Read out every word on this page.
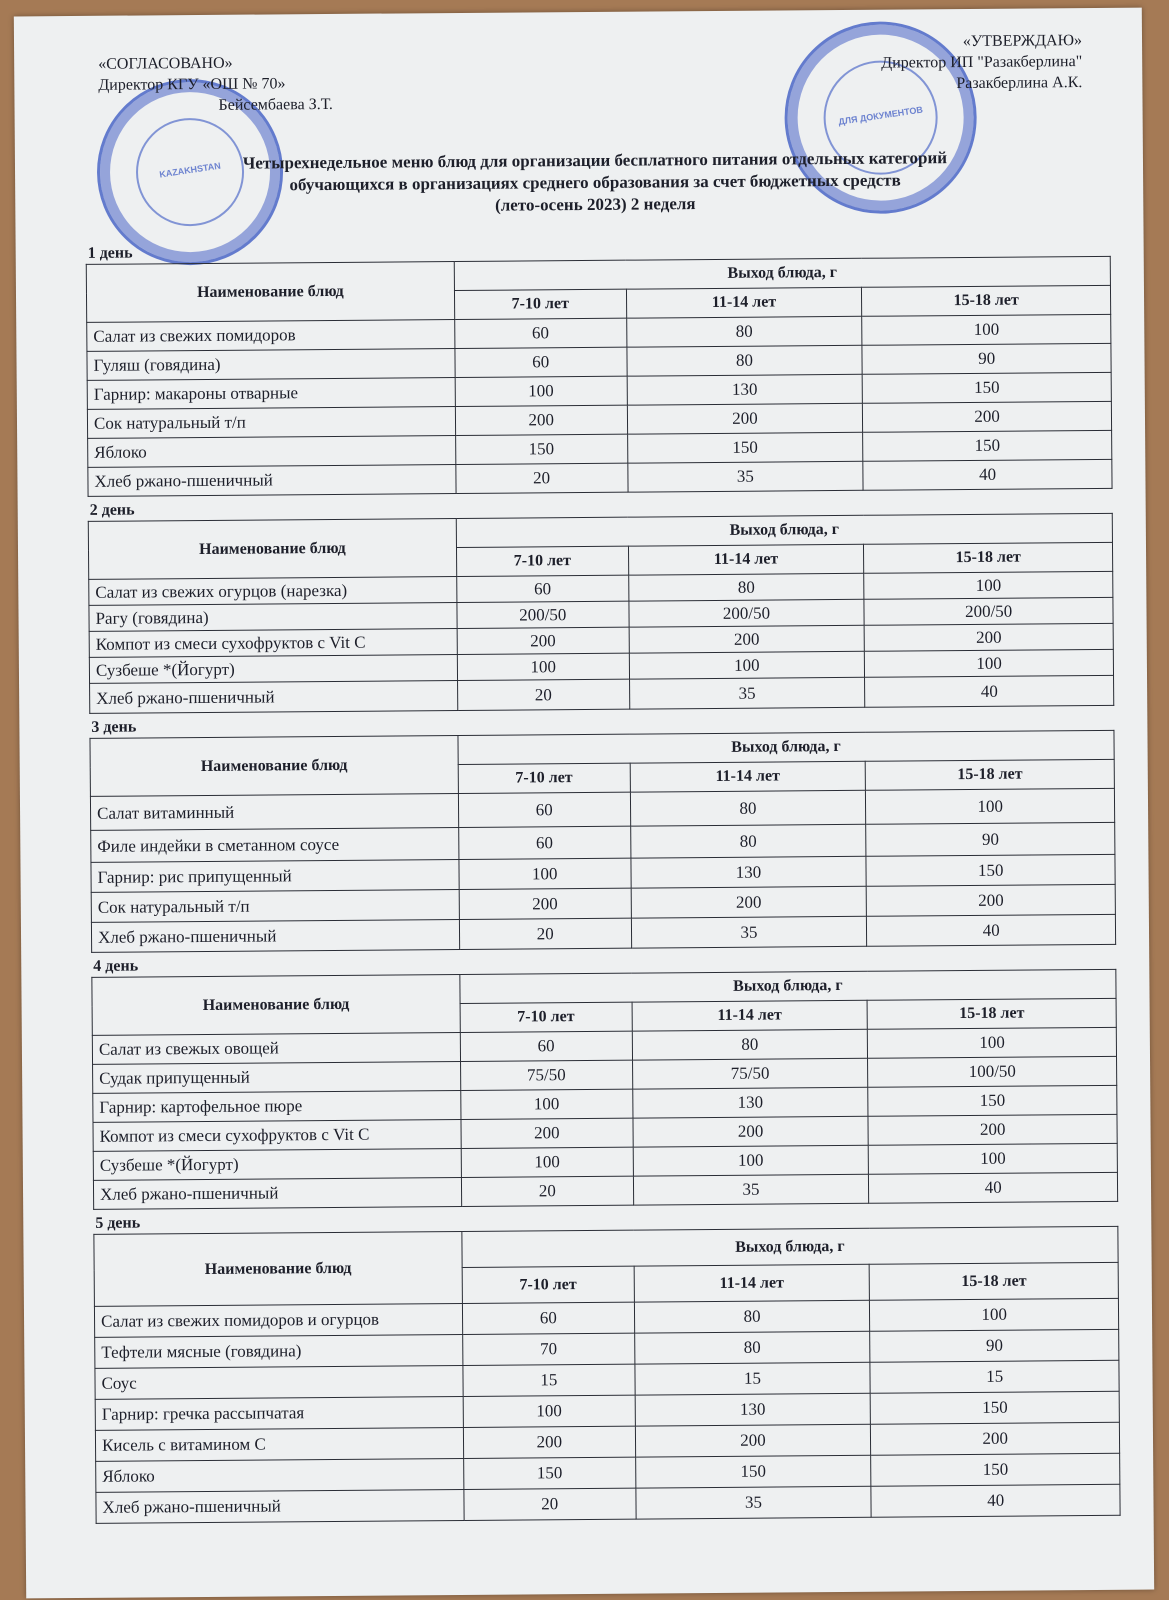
KAZAKHSTAN
ДЛЯ ДОКУМЕНТОВ
«СОГЛАСОВАНО»
Директор КГУ «ОШ № 70»
Бейсембаева З.Т.
«УТВЕРЖДАЮ»
Директор ИП "Разакберлина"
Разакберлина А.К.
Четырехнедельное меню блюд для организации бесплатного питания отдельных категорий
обучающихся в организациях среднего образования за счет бюджетных средств
(лето-осень 2023) 2 неделя
1 день
Наименование блюд	Выход блюда, г		
	7-10 лет	11-14 лет	15-18 лет
Салат из свежих помидоров	60	80	100
Гуляш (говядина)	60	80	90
Гарнир: макароны отварные	100	130	150
Сок натуральный т/п	200	200	200
Яблоко	150	150	150
Хлеб ржано-пшеничный	20	35	40
2 день
Наименование блюд	Выход блюда, г		
	7-10 лет	11-14 лет	15-18 лет
Салат из свежих огурцов (нарезка)	60	80	100
Рагу (говядина)	200/50	200/50	200/50
Компот из смеси сухофруктов с Vit C	200	200	200
Сузбеше *(Йогурт)	100	100	100
Хлеб ржано-пшеничный	20	35	40
3 день
Наименование блюд	Выход блюда, г		
	7-10 лет	11-14 лет	15-18 лет
Салат витаминный	60	80	100
Филе индейки в сметанном соусе	60	80	90
Гарнир: рис припущенный	100	130	150
Сок натуральный т/п	200	200	200
Хлеб ржано-пшеничный	20	35	40
4 день
Наименование блюд	Выход блюда, г		
	7-10 лет	11-14 лет	15-18 лет
Салат из свежых овощей	60	80	100
Судак припущенный	75/50	75/50	100/50
Гарнир: картофельное пюре	100	130	150
Компот из смеси сухофруктов с Vit C	200	200	200
Сузбеше *(Йогурт)	100	100	100
Хлеб ржано-пшеничный	20	35	40
5 день
Наименование блюд	Выход блюда, г		
	7-10 лет	11-14 лет	15-18 лет
Салат из свежих помидоров и огурцов	60	80	100
Тефтели мясные (говядина)	70	80	90
Соус	15	15	15
Гарнир: гречка рассыпчатая	100	130	150
Кисель с витамином С	200	200	200
Яблоко	150	150	150
Хлеб ржано-пшеничный	20	35	40
